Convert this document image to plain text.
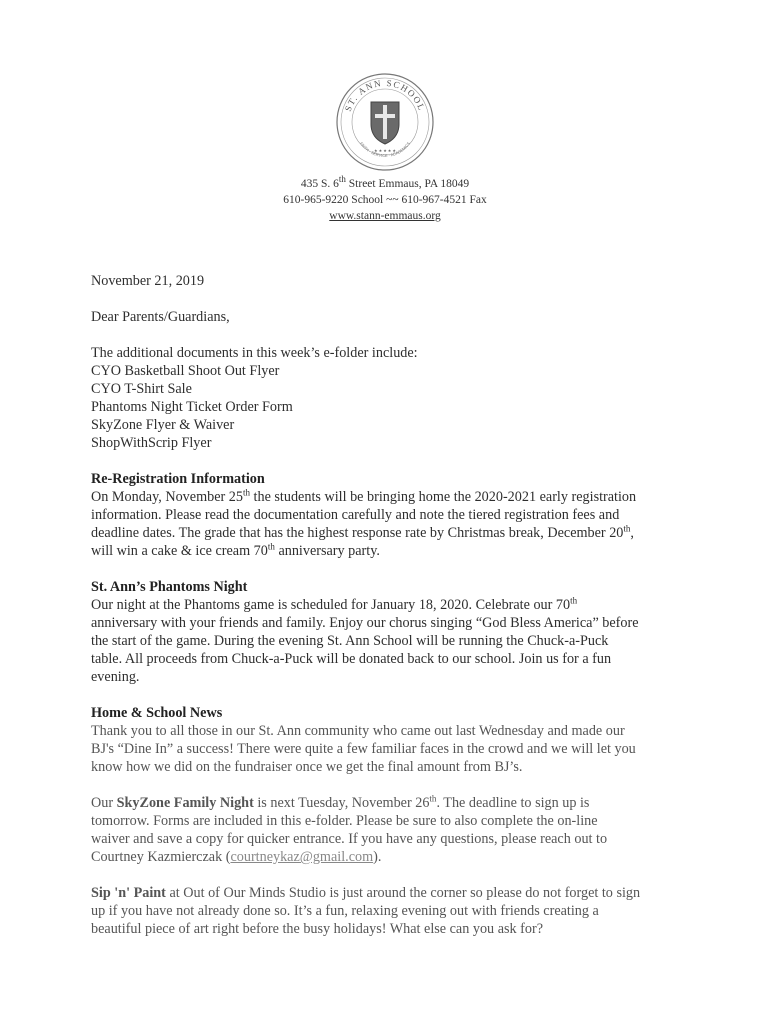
ST. ANN SCHOOL
FAITH · SERVICE · ACADEMICS
★ ★ ★ ★ ★
435 S. 6th Street Emmaus, PA 18049
610-965-9220 School ~~ 610-967-4521 Fax
www.stann-emmaus.org

November 21, 2019

Dear Parents/Guardians,

The additional documents in this week’s e-folder include:

CYO Basketball Shoot Out Flyer

CYO T-Shirt Sale

Phantoms Night Ticket Order Form

SkyZone Flyer & Waiver

ShopWithScrip Flyer

Re-Registration Information

On Monday, November 25th the students will be bringing home the 2020-2021 early registration

information. Please read the documentation carefully and note the tiered registration fees and

deadline dates. The grade that has the highest response rate by Christmas break, December 20th,

will win a cake & ice cream 70th anniversary party.

St. Ann’s Phantoms Night

Our night at the Phantoms game is scheduled for January 18, 2020. Celebrate our 70th

anniversary with your friends and family. Enjoy our chorus singing “God Bless America” before

the start of the game. During the evening St. Ann School will be running the Chuck-a-Puck

table. All proceeds from Chuck-a-Puck will be donated back to our school. Join us for a fun

evening.

Home & School News

Thank you to all those in our St. Ann community who came out last Wednesday and made our

BJ's “Dine In” a success! There were quite a few familiar faces in the crowd and we will let you

know how we did on the fundraiser once we get the final amount from BJ’s.

Our SkyZone Family Night is next Tuesday, November 26th. The deadline to sign up is

tomorrow. Forms are included in this e-folder. Please be sure to also complete the on-line

waiver and save a copy for quicker entrance. If you have any questions, please reach out to

Courtney Kazmierczak (courtneykaz@gmail.com).

Sip 'n' Paint at Out of Our Minds Studio is just around the corner so please do not forget to sign

up if you have not already done so. It’s a fun, relaxing evening out with friends creating a

beautiful piece of art right before the busy holidays! What else can you ask for?
